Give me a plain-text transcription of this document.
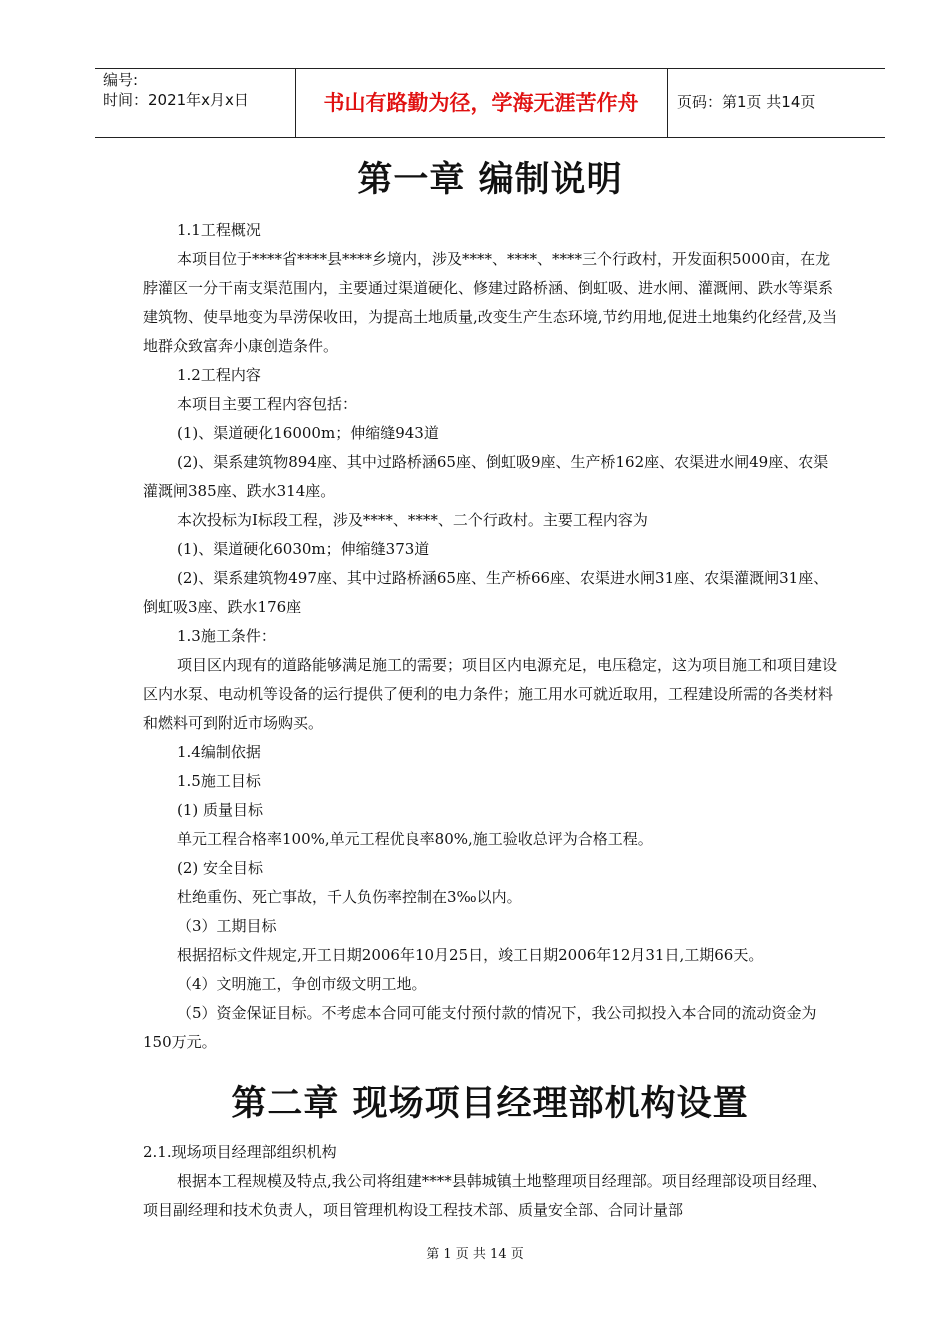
编号:
时间：2021年x月x日	书山有路勤为径，学海无涯苦作舟	页码：第1页 共14页
第一章 编制说明

1.1工程概况

本项目位于****省****县****乡境内，涉及****、****、****三个行政村，开发面积5000亩，在龙脖灌区一分干南支渠范围内，主要通过渠道硬化、修建过路桥涵、倒虹吸、进水闸、灌溉闸、跌水等渠系建筑物、使旱地变为旱涝保收田，为提高土地质量,改变生产生态环境,节约用地,促进土地集约化经营,及当地群众致富奔小康创造条件。

1.2工程内容

本项目主要工程内容包括：

(1)、渠道硬化16000m；伸缩缝943道

(2)、渠系建筑物894座、其中过路桥涵65座、倒虹吸9座、生产桥162座、农渠进水闸49座、农渠灌溉闸385座、跌水314座。

本次投标为Ⅰ标段工程，涉及****、****、二个行政村。主要工程内容为

(1)、渠道硬化6030m；伸缩缝373道

(2)、渠系建筑物497座、其中过路桥涵65座、生产桥66座、农渠进水闸31座、农渠灌溉闸31座、倒虹吸3座、跌水176座

1.3施工条件：

项目区内现有的道路能够满足施工的需要；项目区内电源充足，电压稳定，这为项目施工和项目建设区内水泵、电动机等设备的运行提供了便利的电力条件；施工用水可就近取用，工程建设所需的各类材料和燃料可到附近市场购买。

1.4编制依据

1.5施工目标

(1) 质量目标

单元工程合格率100%,单元工程优良率80%,施工验收总评为合格工程。

(2) 安全目标

杜绝重伤、死亡事故，千人负伤率控制在3‰以内。

（3）工期目标

根据招标文件规定,开工日期2006年10月25日，竣工日期2006年12月31日,工期66天。

（4）文明施工，争创市级文明工地。

（5）资金保证目标。不考虑本合同可能支付预付款的情况下，我公司拟投入本合同的流动资金为150万元。

第二章 现场项目经理部机构设置

2.1.现场项目经理部组织机构

根据本工程规模及特点,我公司将组建****县韩城镇土地整理项目经理部。项目经理部设项目经理、项目副经理和技术负责人，项目管理机构设工程技术部、质量安全部、合同计量部

第 1 页 共 14 页
